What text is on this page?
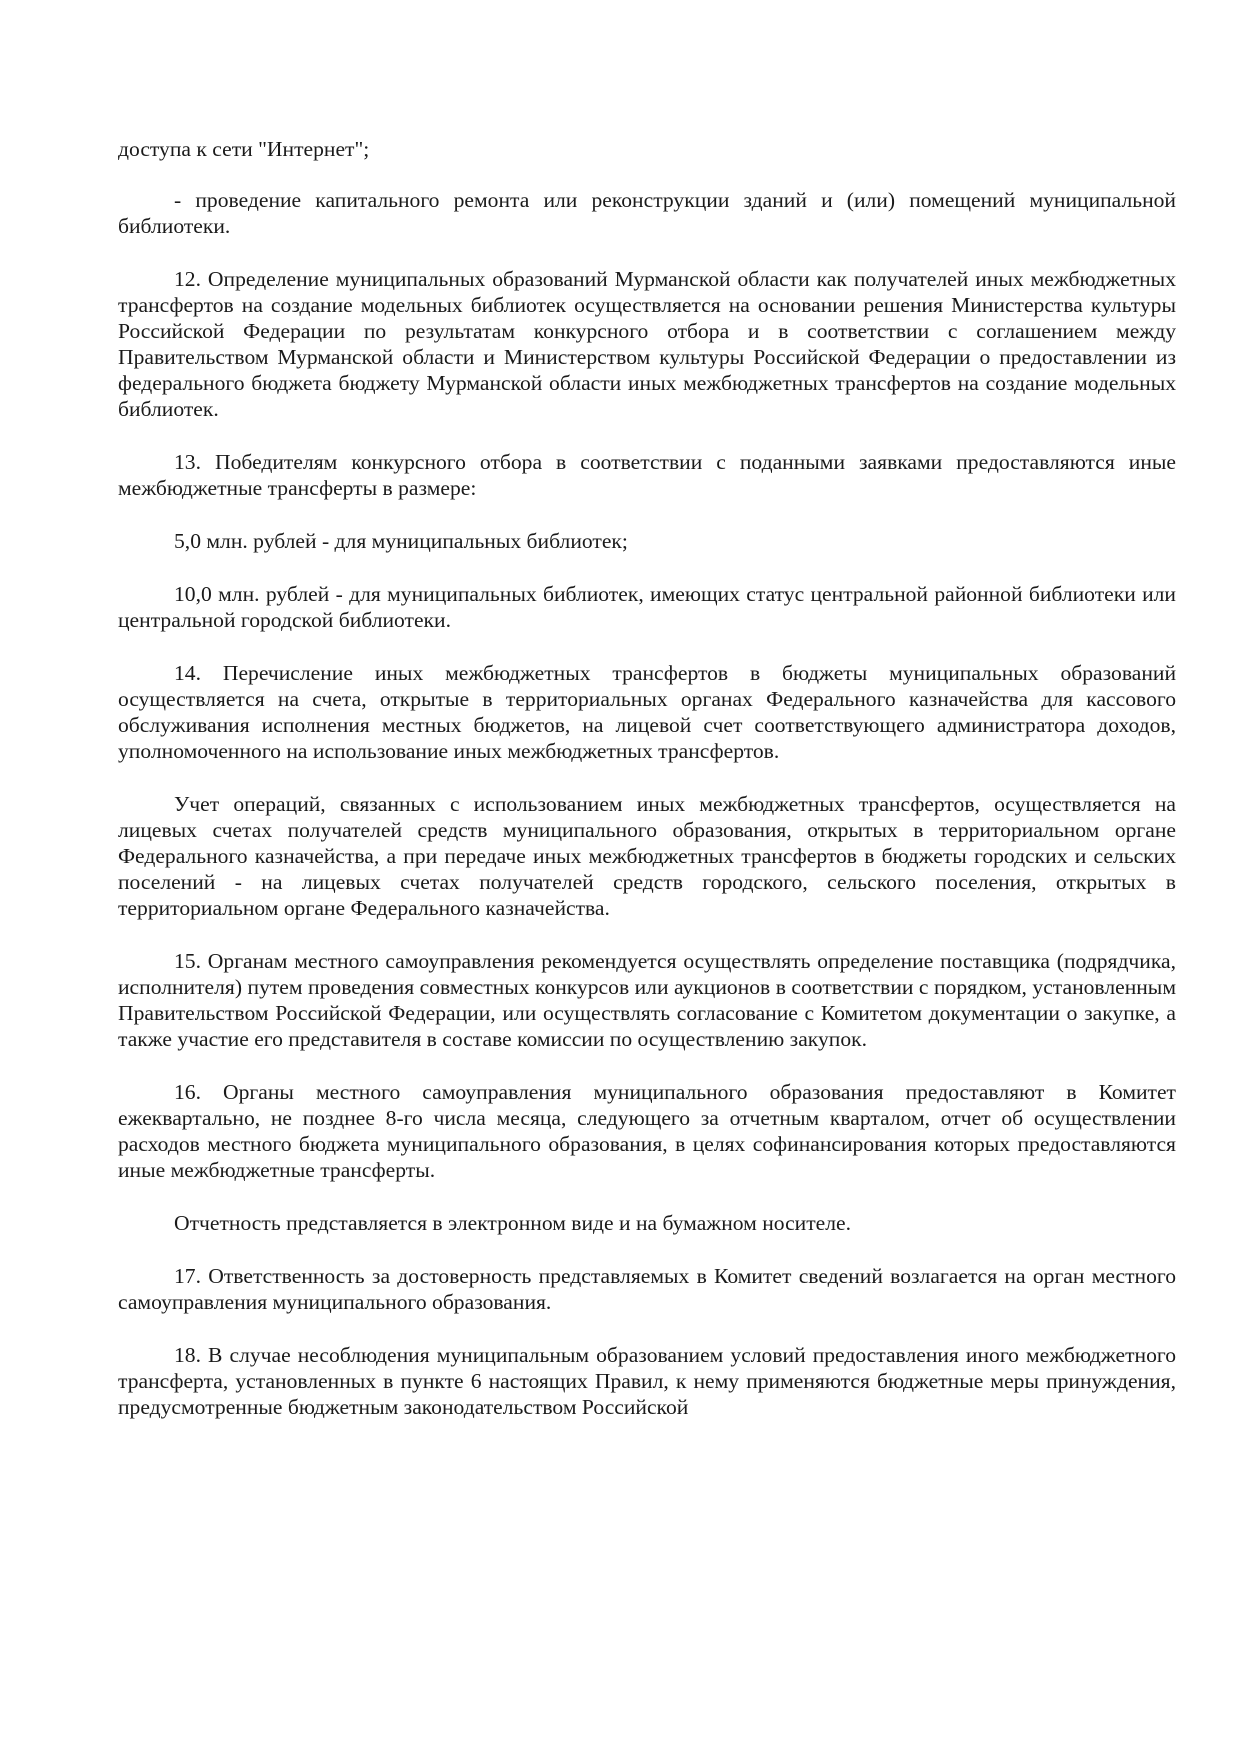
доступа к сети "Интернет";

- проведение капитального ремонта или реконструкции зданий и (или) помещений муниципальной библиотеки.

12. Определение муниципальных образований Мурманской области как получателей иных межбюджетных трансфертов на создание модельных библиотек осуществляется на основании решения Министерства культуры Российской Федерации по результатам конкурсного отбора и в соответствии с соглашением между Правительством Мурманской области и Министерством культуры Российской Федерации о предоставлении из федерального бюджета бюджету Мурманской области иных межбюджетных трансфертов на создание модельных библиотек.

13. Победителям конкурсного отбора в соответствии с поданными заявками предоставляются иные межбюджетные трансферты в размере:

5,0 млн. рублей - для муниципальных библиотек;

10,0 млн. рублей - для муниципальных библиотек, имеющих статус центральной районной библиотеки или центральной городской библиотеки.

14. Перечисление иных межбюджетных трансфертов в бюджеты муниципальных образований осуществляется на счета, открытые в территориальных органах Федерального казначейства для кассового обслуживания исполнения местных бюджетов, на лицевой счет соответствующего администратора доходов, уполномоченного на использование иных межбюджетных трансфертов.

Учет операций, связанных с использованием иных межбюджетных трансфертов, осуществляется на лицевых счетах получателей средств муниципального образования, открытых в территориальном органе Федерального казначейства, а при передаче иных межбюджетных трансфертов в бюджеты городских и сельских поселений - на лицевых счетах получателей средств городского, сельского поселения, открытых в территориальном органе Федерального казначейства.

15. Органам местного самоуправления рекомендуется осуществлять определение поставщика (подрядчика, исполнителя) путем проведения совместных конкурсов или аукционов в соответствии с порядком, установленным Правительством Российской Федерации, или осуществлять согласование с Комитетом документации о закупке, а также участие его представителя в составе комиссии по осуществлению закупок.

16. Органы местного самоуправления муниципального образования предоставляют в Комитет ежеквартально, не позднее 8-го числа месяца, следующего за отчетным кварталом, отчет об осуществлении расходов местного бюджета муниципального образования, в целях софинансирования которых предоставляются иные межбюджетные трансферты.

Отчетность представляется в электронном виде и на бумажном носителе.

17. Ответственность за достоверность представляемых в Комитет сведений возлагается на орган местного самоуправления муниципального образования.

18. В случае несоблюдения муниципальным образованием условий предоставления иного межбюджетного трансферта, установленных в пункте 6 настоящих Правил, к нему применяются бюджетные меры принуждения, предусмотренные бюджетным законодательством Российской
